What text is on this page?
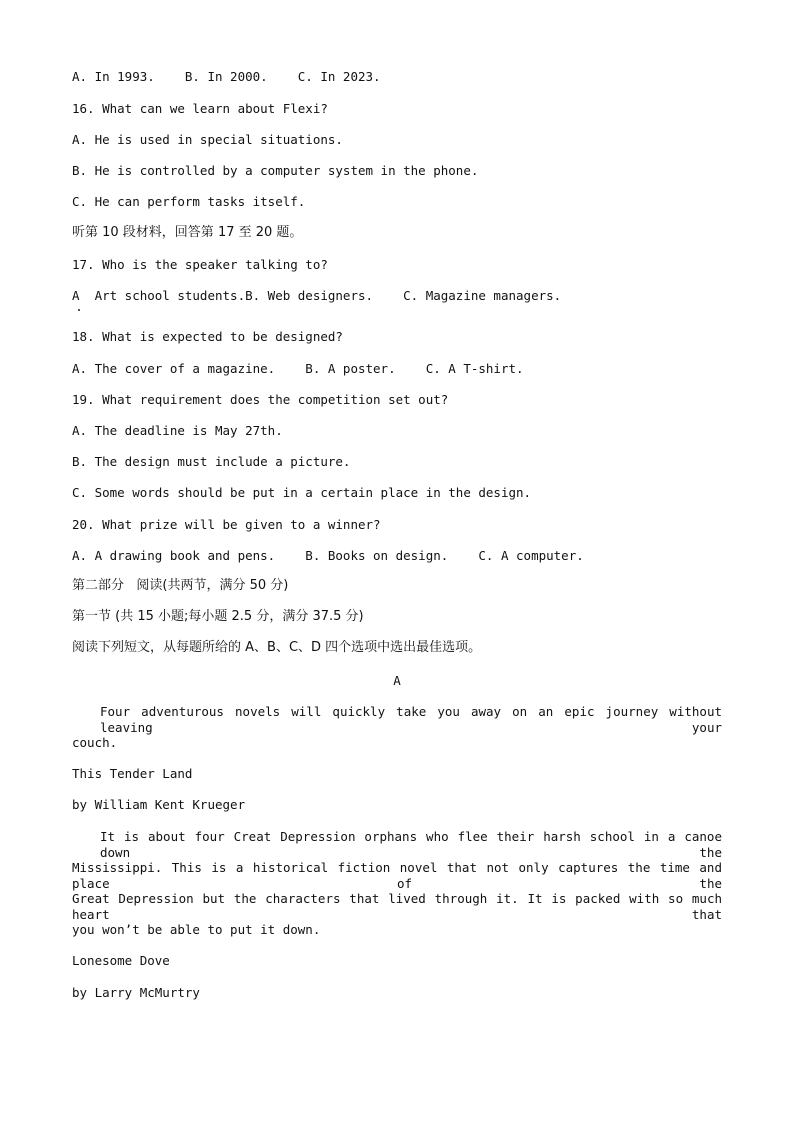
A. In 1993.    B. In 2000.    C. In 2023.
16. What can we learn about Flexi?
A. He is used in special situations.
B. He is controlled by a computer system in the phone.
C. He can perform tasks itself.
听第 10 段材料，回答第 17 至 20 题。
17. Who is the speaker talking to?
A  Art school students.B. Web designers.    C. Magazine managers.
18. What is expected to be designed?
A. The cover of a magazine.    B. A poster.    C. A T-shirt.
19. What requirement does the competition set out?
A. The deadline is May 27th.
B. The design must include a picture.
C. Some words should be put in a certain place in the design.
20. What prize will be given to a winner?
A. A drawing book and pens.    B. Books on design.    C. A computer.
第二部分   阅读(共两节，满分 50 分)
第一节 (共 15 小题;每小题 2.5 分，满分 37.5 分)
阅读下列短文，从每题所给的 A、B、C、D 四个选项中选出最佳选项。
A
Four adventurous novels will quickly take you away on an epic journey without leaving your
couch.
This Tender Land
by William Kent Krueger
It is about four Creat Depression orphans who flee their harsh school in a canoe down the
Mississippi. This is a historical fiction novel that not only captures the time and place of the
Great Depression but the characters that lived through it. It is packed with so much heart that
you won’t be able to put it down.
Lonesome Dove
by Larry McMurtry
